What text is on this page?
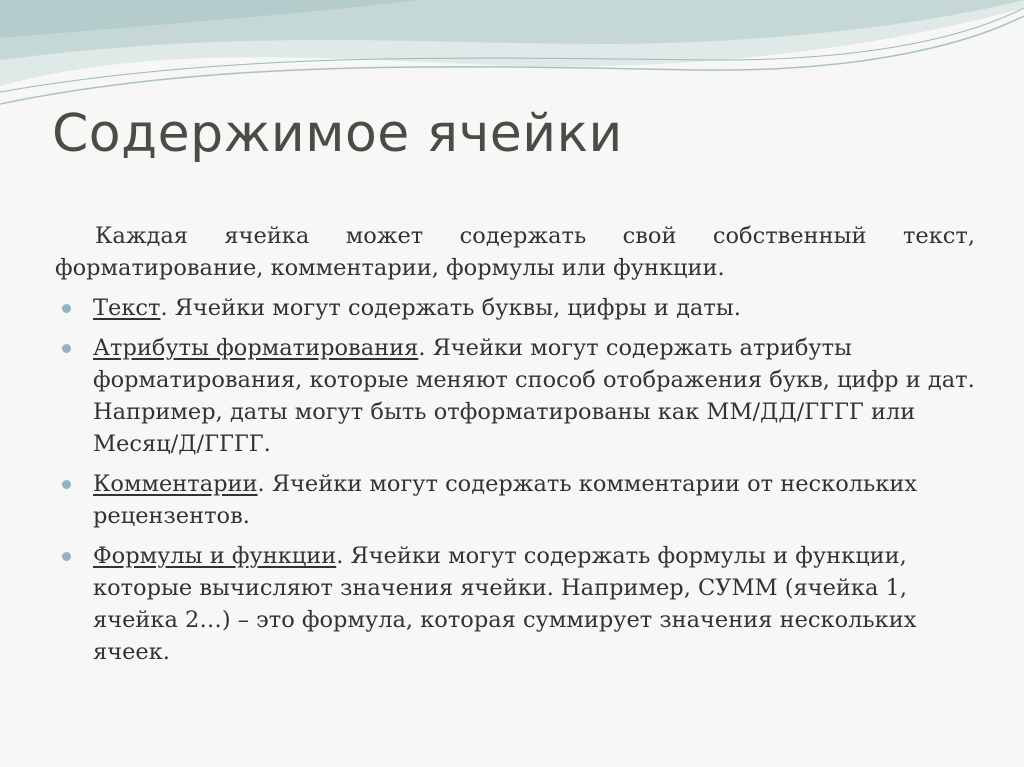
Содержимое ячейки

Каждая ячейка может содержать свой собственный текст, форматирование, комментарии, формулы или функции.

Текст. Ячейки могут содержать буквы, цифры и даты.
Атрибуты форматирования. Ячейки могут содержать атрибуты форматирования, которые меняют способ отображения букв, цифр и дат. Например, даты могут быть отформатированы как ММ/ДД/ГГГГ или Месяц/Д/ГГГГ.
Комментарии. Ячейки могут содержать комментарии от нескольких рецензентов.
Формулы и функции. Ячейки могут содержать формулы и функции, которые вычисляют значения ячейки. Например, СУММ (ячейка 1, ячейка 2…) – это формула, которая суммирует значения нескольких ячеек.
